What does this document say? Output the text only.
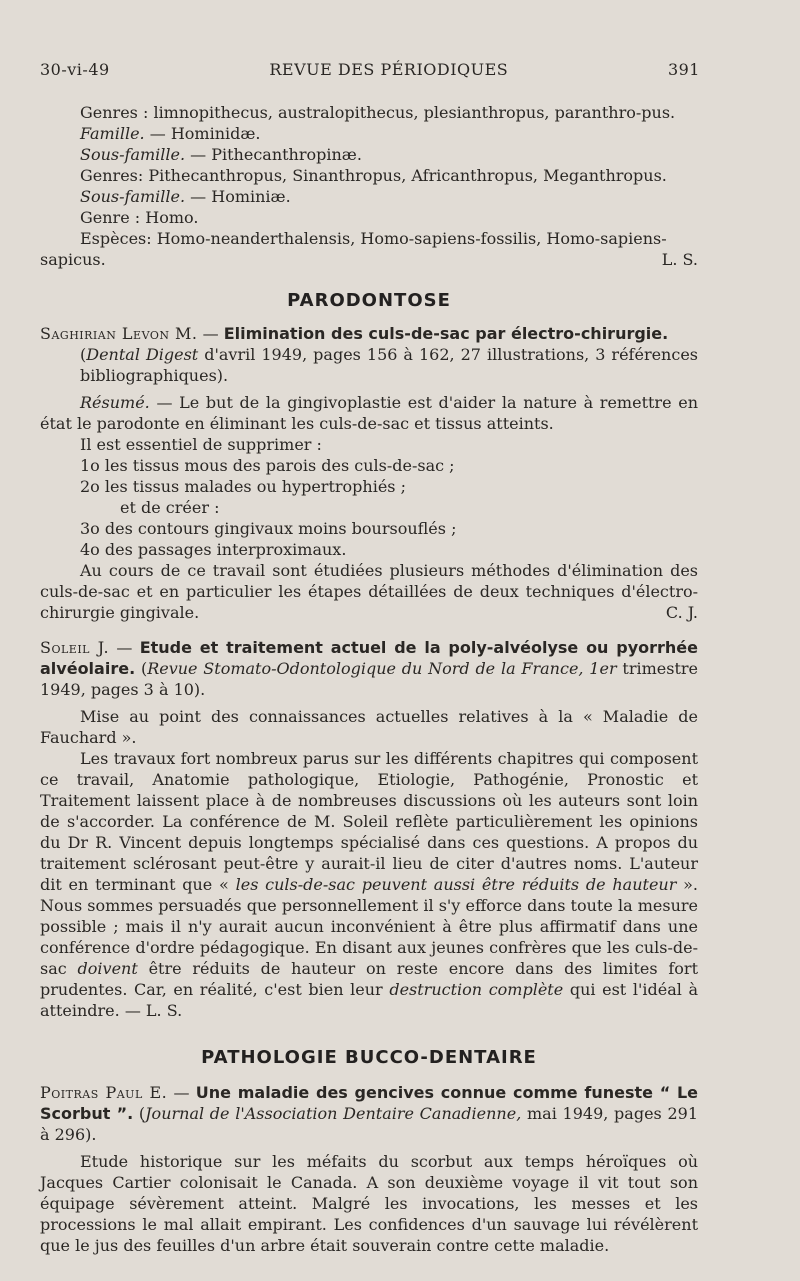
30-vi-49	REVUE DES PÉRIODIQUES	391

Genres : limnopithecus, australopithecus, plesianthropus, paranthro-pus.

Famille. — Hominidæ.

Sous-famille. — Pithecanthropinæ.

Genres: Pithecanthropus, Sinanthropus, Africanthropus, Meganthropus.

Sous-famille. — Hominiæ.

Genre : Homo.

Espèces: Homo-neanderthalensis, Homo-sapiens-fossilis, Homo-sapiens-

sapicus.	L. S.
PARODONTOSE

Saghirian Levon M. — Elimination des culs-de-sac par électro-chirurgie.

(Dental Digest d'avril 1949, pages 156 à 162, 27 illustrations, 3 références bibliographiques).

Résumé. — Le but de la gingivoplastie est d'aider la nature à remettre en état le parodonte en éliminant les culs-de-sac et tissus atteints.

Il est essentiel de supprimer :

1o les tissus mous des parois des culs-de-sac ;

2o les tissus malades ou hypertrophiés ;

et de créer :

3o des contours gingivaux moins boursouflés ;

4o des passages interproximaux.

Au cours de ce travail sont étudiées plusieurs méthodes d'élimination des culs-de-sac et en particulier les étapes détaillées de deux techniques d'électro-chirurgie gingivale.	C. J.

Soleil J. — Etude et traitement actuel de la poly-alvéolyse ou pyorrhée alvéolaire. (Revue Stomato-Odontologique du Nord de la France, 1er trimestre 1949, pages 3 à 10).

Mise au point des connaissances actuelles relatives à la « Maladie de Fauchard ».

Les travaux fort nombreux parus sur les différents chapitres qui composent ce travail, Anatomie pathologique, Etiologie, Pathogénie, Pronostic et Traitement laissent place à de nombreuses discussions où les auteurs sont loin de s'accorder. La conférence de M. Soleil reflète particulièrement les opinions du Dr R. Vincent depuis longtemps spécialisé dans ces questions. A propos du traitement sclérosant peut-être y aurait-il lieu de citer d'autres noms. L'auteur dit en terminant que « les culs-de-sac peuvent aussi être réduits de hauteur ». Nous sommes persuadés que personnellement il s'y efforce dans toute la mesure possible ; mais il n'y aurait aucun inconvénient à être plus affirmatif dans une conférence d'ordre pédagogique. En disant aux jeunes confrères que les culs-de-sac doivent être réduits de hauteur on reste encore dans des limites fort prudentes. Car, en réalité, c'est bien leur destruction complète qui est l'idéal à atteindre. — L. S.

PATHOLOGIE BUCCO-DENTAIRE

Poitras Paul E. — Une maladie des gencives connue comme funeste “ Le Scorbut ”. (Journal de l'Association Dentaire Canadienne, mai 1949, pages 291 à 296).

Etude historique sur les méfaits du scorbut aux temps héroïques où Jacques Cartier colonisait le Canada. A son deuxième voyage il vit tout son équipage sévèrement atteint. Malgré les invocations, les messes et les processions le mal allait empirant. Les confidences d'un sauvage lui révélèrent que le jus des feuilles d'un arbre était souverain contre cette maladie.
